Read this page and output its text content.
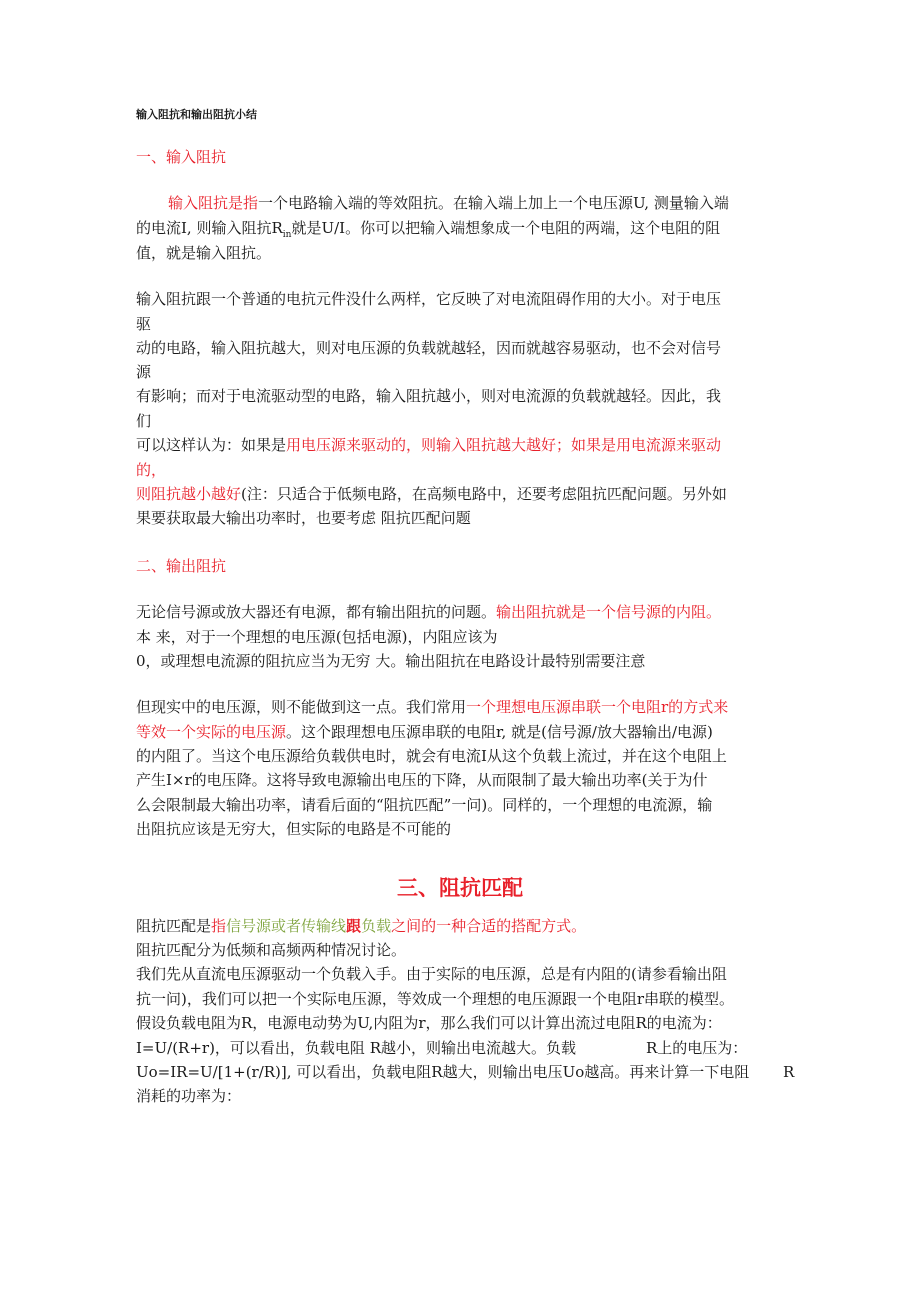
输入阻抗和输出阻抗小结
一、输入阻抗
输入阻抗是指一个电路输入端的等效阻抗。在输入端上加上一个电压源U, 测量输入端
的电流I, 则输入阻抗$R_{in}$就是U/I。你可以把输入端想象成一个电阻的两端，这个电阻的阻
值，就是输入阻抗。
输入阻抗跟一个普通的电抗元件没什么两样，它反映了对电流阻碍作用的大小。对于电压
驱
动的电路，输入阻抗越大，则对电压源的负载就越轻，因而就越容易驱动，也不会对信号
源
有影响；而对于电流驱动型的电路，输入阻抗越小，则对电流源的负载就越轻。因此，我
们
可以这样认为：如果是用电压源来驱动的，则输入阻抗越大越好；如果是用电流源来驱动
的，
则阻抗越小越好(注：只适合于低频电路，在高频电路中，还要考虑阻抗匹配问题。另外如
果要获取最大输出功率时，也要考虑 阻抗匹配问题
二、输出阻抗
无论信号源或放大器还有电源，都有输出阻抗的问题。输出阻抗就是一个信号源的内阻。
本 来，对于一个理想的电压源(包括电源)，内阻应该为
0，或理想电流源的阻抗应当为无穷 大。输出阻抗在电路设计最特别需要注意
但现实中的电压源，则不能做到这一点。我们常用一个理想电压源串联一个电阻r的方式来
等效一个实际的电压源。这个跟理想电压源串联的电阻r, 就是(信号源/放大器输出/电源)
的内阻了。当这个电压源给负载供电时，就会有电流I从这个负载上流过，并在这个电阻上
产生I×r的电压降。这将导致电源输出电压的下降，从而限制了最大输出功率(关于为什
么会限制最大输出功率，请看后面的“阻抗匹配”一问)。同样的，一个理想的电流源，输
出阻抗应该是无穷大，但实际的电路是不可能的
三、阻抗匹配
阻抗匹配是指信号源或者传输线跟负载之间的一种合适的搭配方式。
阻抗匹配分为低频和高频两种情况讨论。
我们先从直流电压源驱动一个负载入手。由于实际的电压源，总是有内阻的(请参看输出阻
抗一问)，我们可以把一个实际电压源，等效成一个理想的电压源跟一个电阻r串联的模型。
假设负载电阻为R，电源电动势为U,内阻为r，那么我们可以计算出流过电阻R的电流为：
I=U/(R+r)，可以看出，负载电阻 R越小，则输出电流越大。负载	R上的电压为：
Uo=IR=U/[1+(r/R)], 可以看出，负载电阻R越大，则输出电压Uo越高。再来计算一下电阻 R
消耗的功率为：
